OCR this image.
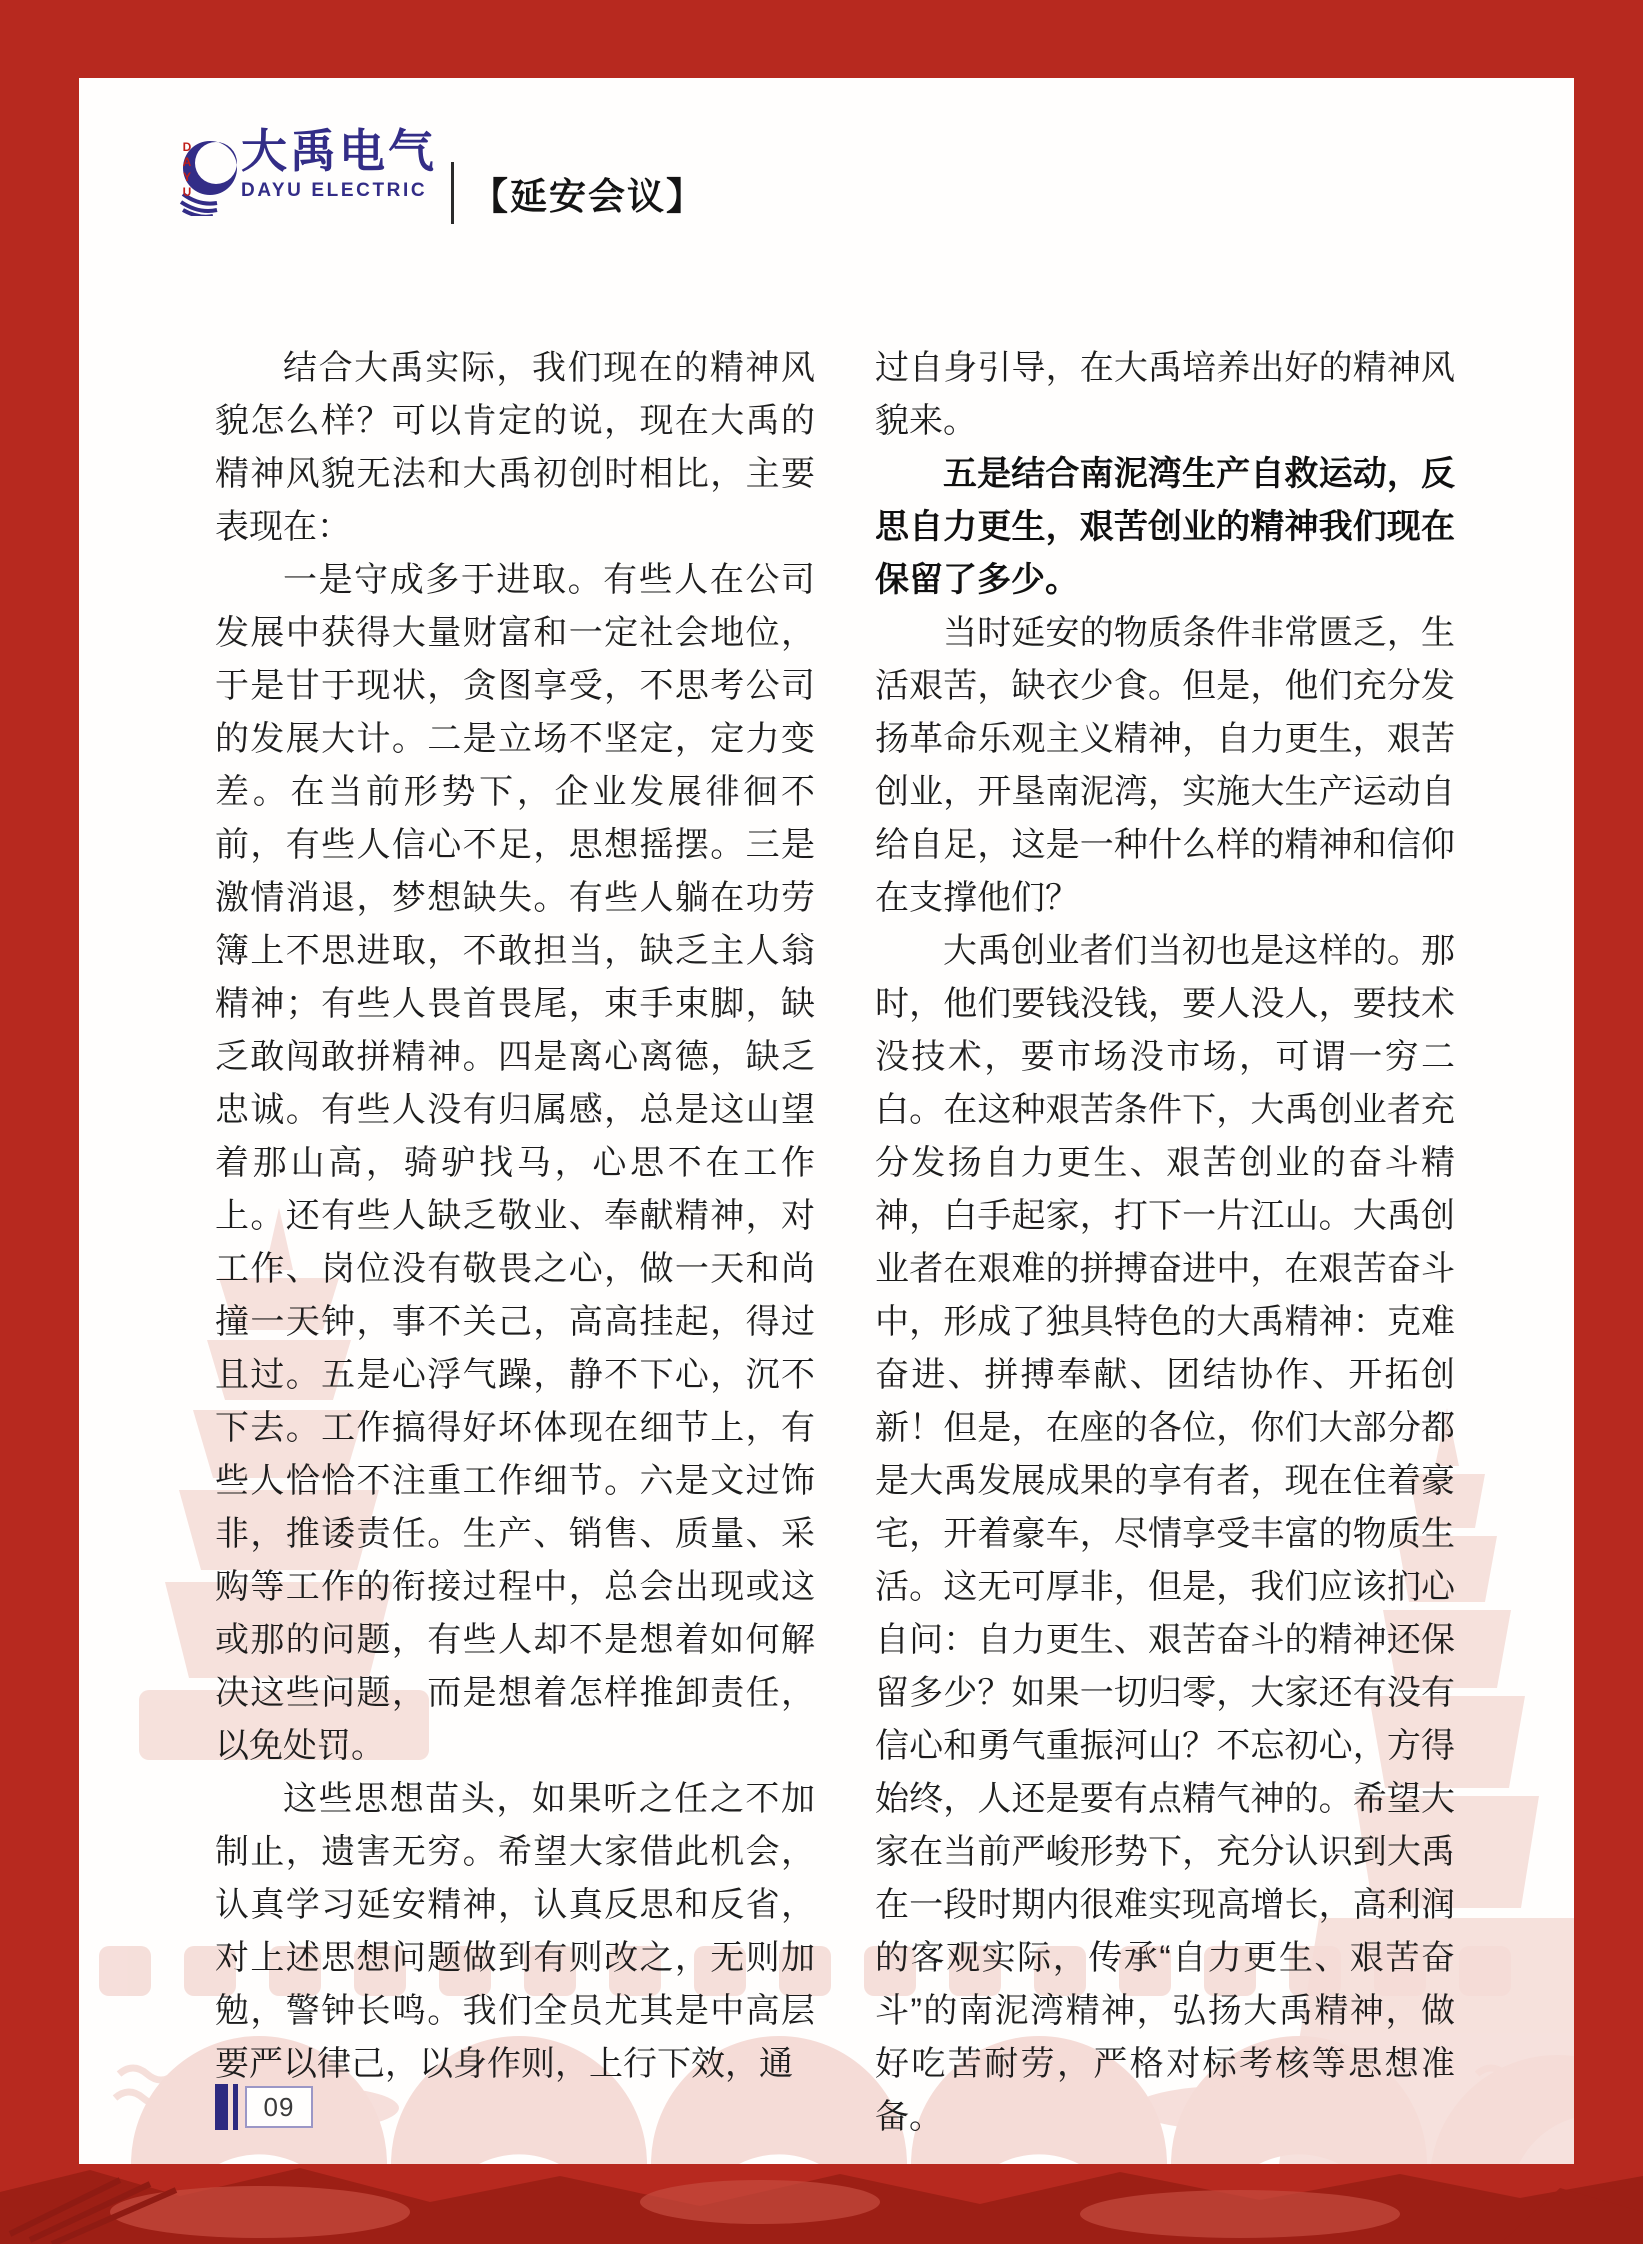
DAYU 大禹电气
DAYU ELECTRIC 【延安会议】

结合大禹实际，我们现在的精神风貌怎么样？可以肯定的说，现在大禹的精神风貌无法和大禹初创时相比，主要表现在：

一是守成多于进取。有些人在公司发展中获得大量财富和一定社会地位，于是甘于现状，贪图享受，不思考公司的发展大计。二是立场不坚定，定力变差。在当前形势下，企业发展徘徊不前，有些人信心不足，思想摇摆。三是激情消退，梦想缺失。有些人躺在功劳簿上不思进取，不敢担当，缺乏主人翁精神；有些人畏首畏尾，束手束脚，缺乏敢闯敢拼精神。四是离心离德，缺乏忠诚。有些人没有归属感，总是这山望着那山高，骑驴找马，心思不在工作上。还有些人缺乏敬业、奉献精神，对工作、岗位没有敬畏之心，做一天和尚撞一天钟，事不关己，高高挂起，得过且过。五是心浮气躁，静不下心，沉不下去。工作搞得好坏体现在细节上，有些人恰恰不注重工作细节。六是文过饰非，推诿责任。生产、销售、质量、采购等工作的衔接过程中，总会出现或这或那的问题，有些人却不是想着如何解决这些问题，而是想着怎样推卸责任，以免处罚。

这些思想苗头，如果听之任之不加制止，遗害无穷。希望大家借此机会，认真学习延安精神，认真反思和反省，对上述思想问题做到有则改之，无则加勉，警钟长鸣。我们全员尤其是中高层要严以律己，以身作则，上行下效，通

过自身引导，在大禹培养出好的精神风貌来。

五是结合南泥湾生产自救运动，反思自力更生，艰苦创业的精神我们现在保留了多少。

当时延安的物质条件非常匮乏，生活艰苦，缺衣少食。但是，他们充分发扬革命乐观主义精神，自力更生，艰苦创业，开垦南泥湾，实施大生产运动自给自足，这是一种什么样的精神和信仰在支撑他们？

大禹创业者们当初也是这样的。那时，他们要钱没钱，要人没人，要技术没技术，要市场没市场，可谓一穷二白。在这种艰苦条件下，大禹创业者充分发扬自力更生、艰苦创业的奋斗精神，白手起家，打下一片江山。大禹创业者在艰难的拼搏奋进中，在艰苦奋斗中，形成了独具特色的大禹精神：克难奋进、拼搏奉献、团结协作、开拓创新！但是，在座的各位，你们大部分都是大禹发展成果的享有者，现在住着豪宅，开着豪车，尽情享受丰富的物质生活。这无可厚非，但是，我们应该扪心自问：自力更生、艰苦奋斗的精神还保留多少？如果一切归零，大家还有没有信心和勇气重振河山？不忘初心，方得始终，人还是要有点精气神的。希望大家在当前严峻形势下，充分认识到大禹在一段时期内很难实现高增长，高利润的客观实际，传承“自力更生、艰苦奋斗”的南泥湾精神，弘扬大禹精神，做好吃苦耐劳，严格对标考核等思想准备。

09
